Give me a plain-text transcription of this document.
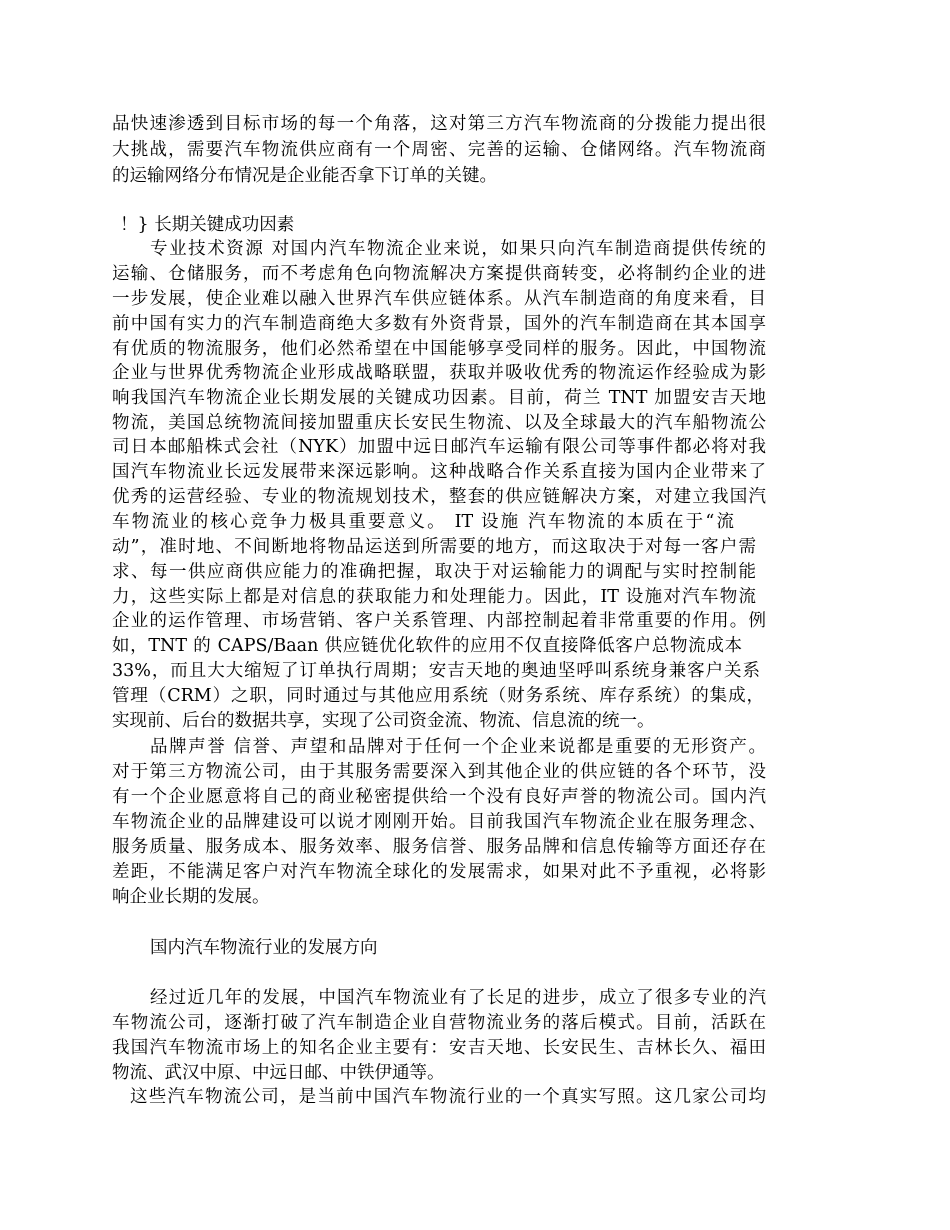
品快速渗透到目标市场的每一个角落，这对第三方汽车物流商的分拨能力提出很
大挑战，需要汽车物流供应商有一个周密、完善的运输、仓储网络。汽车物流商
的运输网络分布情况是企业能否拿下订单的关键。
！} 长期关键成功因素
专业技术资源 对国内汽车物流企业来说，如果只向汽车制造商提供传统的
运输、仓储服务，而不考虑角色向物流解决方案提供商转变，必将制约企业的进
一步发展，使企业难以融入世界汽车供应链体系。从汽车制造商的角度来看，目
前中国有实力的汽车制造商绝大多数有外资背景，国外的汽车制造商在其本国享
有优质的物流服务，他们必然希望在中国能够享受同样的服务。因此，中国物流
企业与世界优秀物流企业形成战略联盟，获取并吸收优秀的物流运作经验成为影
响我国汽车物流企业长期发展的关键成功因素。目前，荷兰 TNT 加盟安吉天地
物流，美国总统物流间接加盟重庆长安民生物流、以及全球最大的汽车船物流公
司日本邮船株式会社（NYK）加盟中远日邮汽车运输有限公司等事件都必将对我
国汽车物流业长远发展带来深远影响。这种战略合作关系直接为国内企业带来了
优秀的运营经验、专业的物流规划技术，整套的供应链解决方案，对建立我国汽
车物流业的核心竞争力极具重要意义。 IT 设施 汽车物流的本质在于“流
动”，准时地、不间断地将物品运送到所需要的地方，而这取决于对每一客户需
求、每一供应商供应能力的准确把握，取决于对运输能力的调配与实时控制能
力，这些实际上都是对信息的获取能力和处理能力。因此，IT 设施对汽车物流
企业的运作管理、市场营销、客户关系管理、内部控制起着非常重要的作用。例
如，TNT 的 CAPS/Baan 供应链优化软件的应用不仅直接降低客户总物流成本
33%，而且大大缩短了订单执行周期；安吉天地的奥迪坚呼叫系统身兼客户关系
管理（CRM）之职，同时通过与其他应用系统（财务系统、库存系统）的集成，
实现前、后台的数据共享，实现了公司资金流、物流、信息流的统一。
品牌声誉 信誉、声望和品牌对于任何一个企业来说都是重要的无形资产。
对于第三方物流公司，由于其服务需要深入到其他企业的供应链的各个环节，没
有一个企业愿意将自己的商业秘密提供给一个没有良好声誉的物流公司。国内汽
车物流企业的品牌建设可以说才刚刚开始。目前我国汽车物流企业在服务理念、
服务质量、服务成本、服务效率、服务信誉、服务品牌和信息传输等方面还存在
差距，不能满足客户对汽车物流全球化的发展需求，如果对此不予重视，必将影
响企业长期的发展。
国内汽车物流行业的发展方向
经过近几年的发展，中国汽车物流业有了长足的进步，成立了很多专业的汽
车物流公司，逐渐打破了汽车制造企业自营物流业务的落后模式。目前，活跃在
我国汽车物流市场上的知名企业主要有：安吉天地、长安民生、吉林长久、福田
物流、武汉中原、中远日邮、中铁伊通等。
这些汽车物流公司，是当前中国汽车物流行业的一个真实写照。这几家公司均
